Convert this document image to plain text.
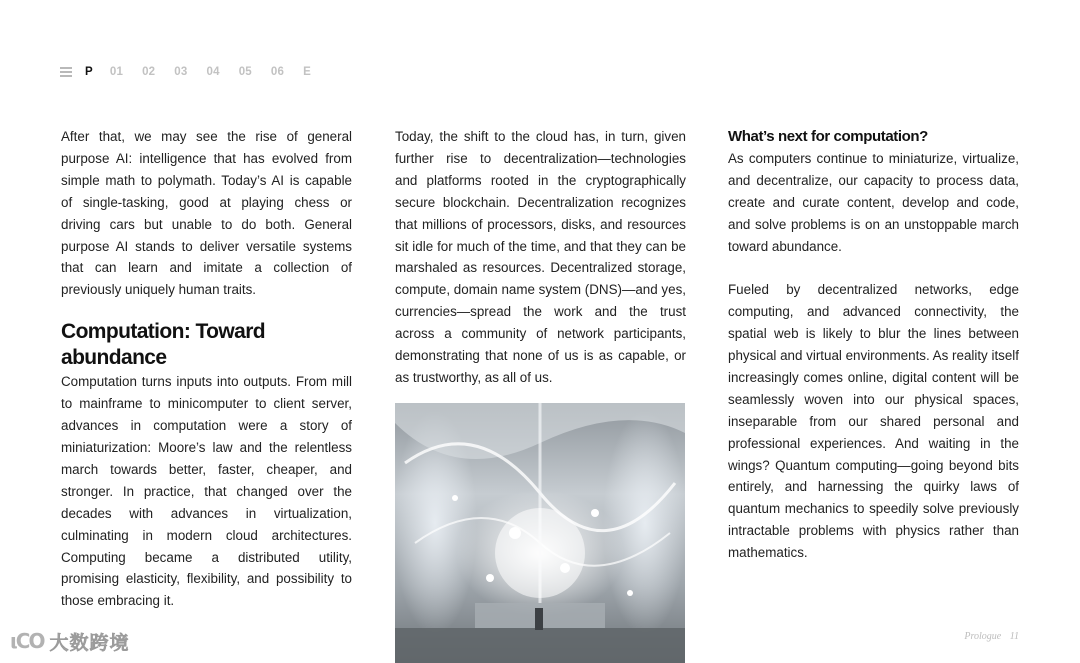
P 01 02 03 04 05 06 E

After that, we may see the rise of general purpose AI: intelligence that has evolved from simple math to polymath. Today’s AI is capable of single-tasking, good at playing chess or driving cars but unable to do both. General purpose AI stands to deliver versatile systems that can learn and imitate a collection of previously uniquely human traits.

Computation: Toward abundance

Computation turns inputs into outputs. From mill to mainframe to minicomputer to client server, advances in computation were a story of miniaturization: Moore’s law and the relentless march towards better, faster, cheaper, and stronger. In practice, that changed over the decades with advances in virtualization, culminating in modern cloud architectures. Computing became a distributed utility, promising elasticity, flexibility, and possibility to those embracing it.

Today, the shift to the cloud has, in turn, given further rise to decentralization—technologies and platforms rooted in the cryptographically secure blockchain. Decentralization recognizes that millions of processors, disks, and resources sit idle for much of the time, and that they can be marshaled as resources. Decentralized storage, compute, domain name system (DNS)—and yes, currencies—spread the work and the trust across a community of network participants, demonstrating that none of us is as capable, or as trustworthy, as all of us.

What’s next for computation?

As computers continue to miniaturize, virtualize, and decentralize, our capacity to process data, create and curate content, develop and code, and solve problems is on an unstoppable march toward abundance.

Fueled by decentralized networks, edge computing, and advanced connectivity, the spatial web is likely to blur the lines between physical and virtual environments. As reality itself increasingly comes online, digital content will be seamlessly woven into our physical spaces, inseparable from our shared personal and professional experiences. And waiting in the wings? Quantum computing—going beyond bits entirely, and harnessing the quirky laws of quantum mechanics to speedily solve previously intractable problems with physics rather than mathematics.

ιCO 大数跨境	Prologue 11
